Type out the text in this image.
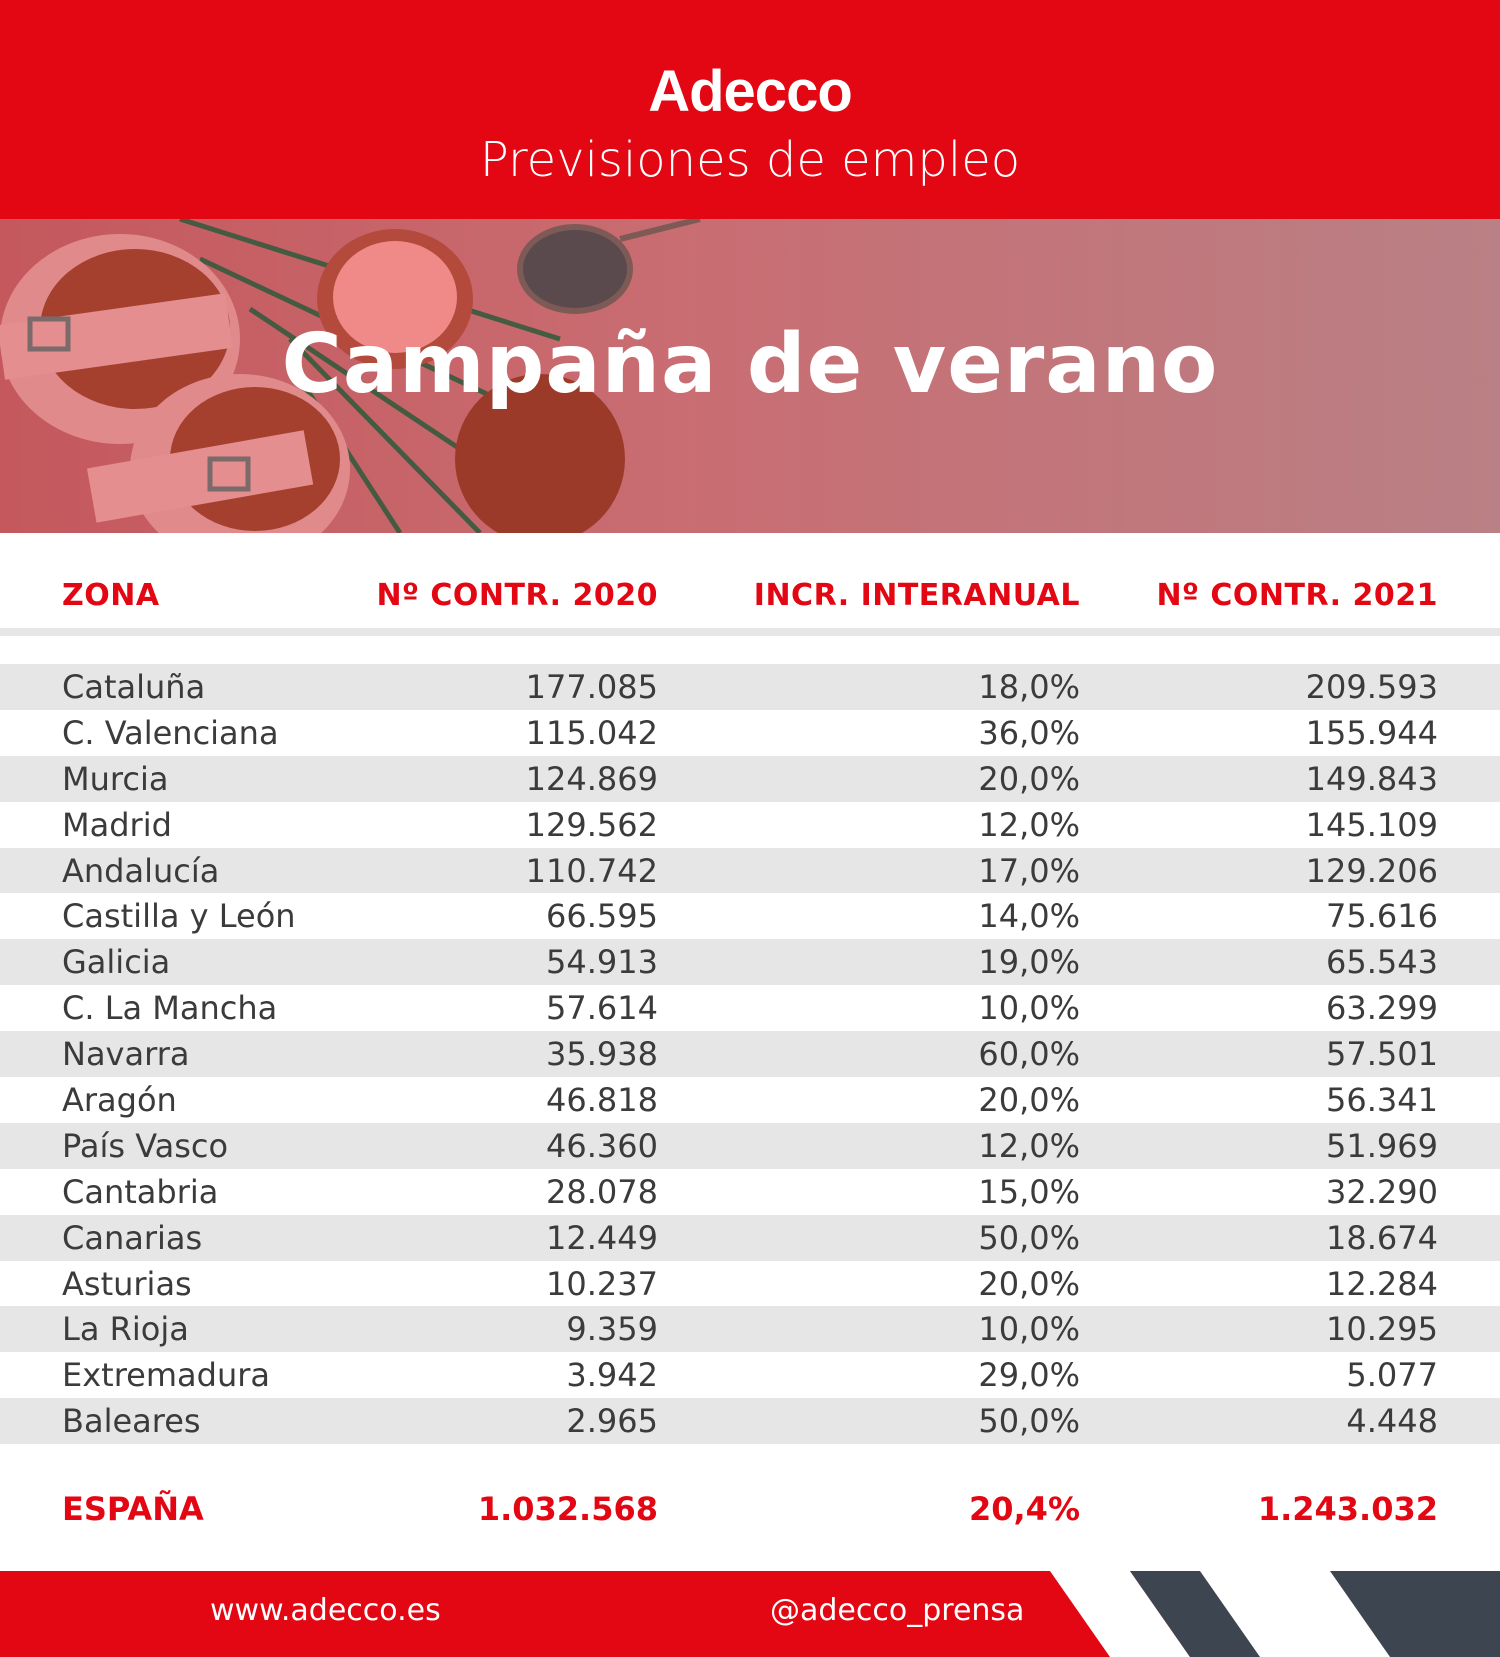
Adecco
Previsiones de empleo
Campaña de verano
ZONA	Nº CONTR. 2020	INCR. INTERANUAL	Nº CONTR. 2021
Cataluña	177.085	18,0%	209.593
C. Valenciana	115.042	36,0%	155.944
Murcia	124.869	20,0%	149.843
Madrid	129.562	12,0%	145.109
Andalucía	110.742	17,0%	129.206
Castilla y León	66.595	14,0%	75.616
Galicia	54.913	19,0%	65.543
C. La Mancha	57.614	10,0%	63.299
Navarra	35.938	60,0%	57.501
Aragón	46.818	20,0%	56.341
País Vasco	46.360	12,0%	51.969
Cantabria	28.078	15,0%	32.290
Canarias	12.449	50,0%	18.674
Asturias	10.237	20,0%	12.284
La Rioja	9.359	10,0%	10.295
Extremadura	3.942	29,0%	5.077
Baleares	2.965	50,0%	4.448
ESPAÑA	1.032.568	20,4%	1.243.032
www.adecco.es	@adecco_prensa
